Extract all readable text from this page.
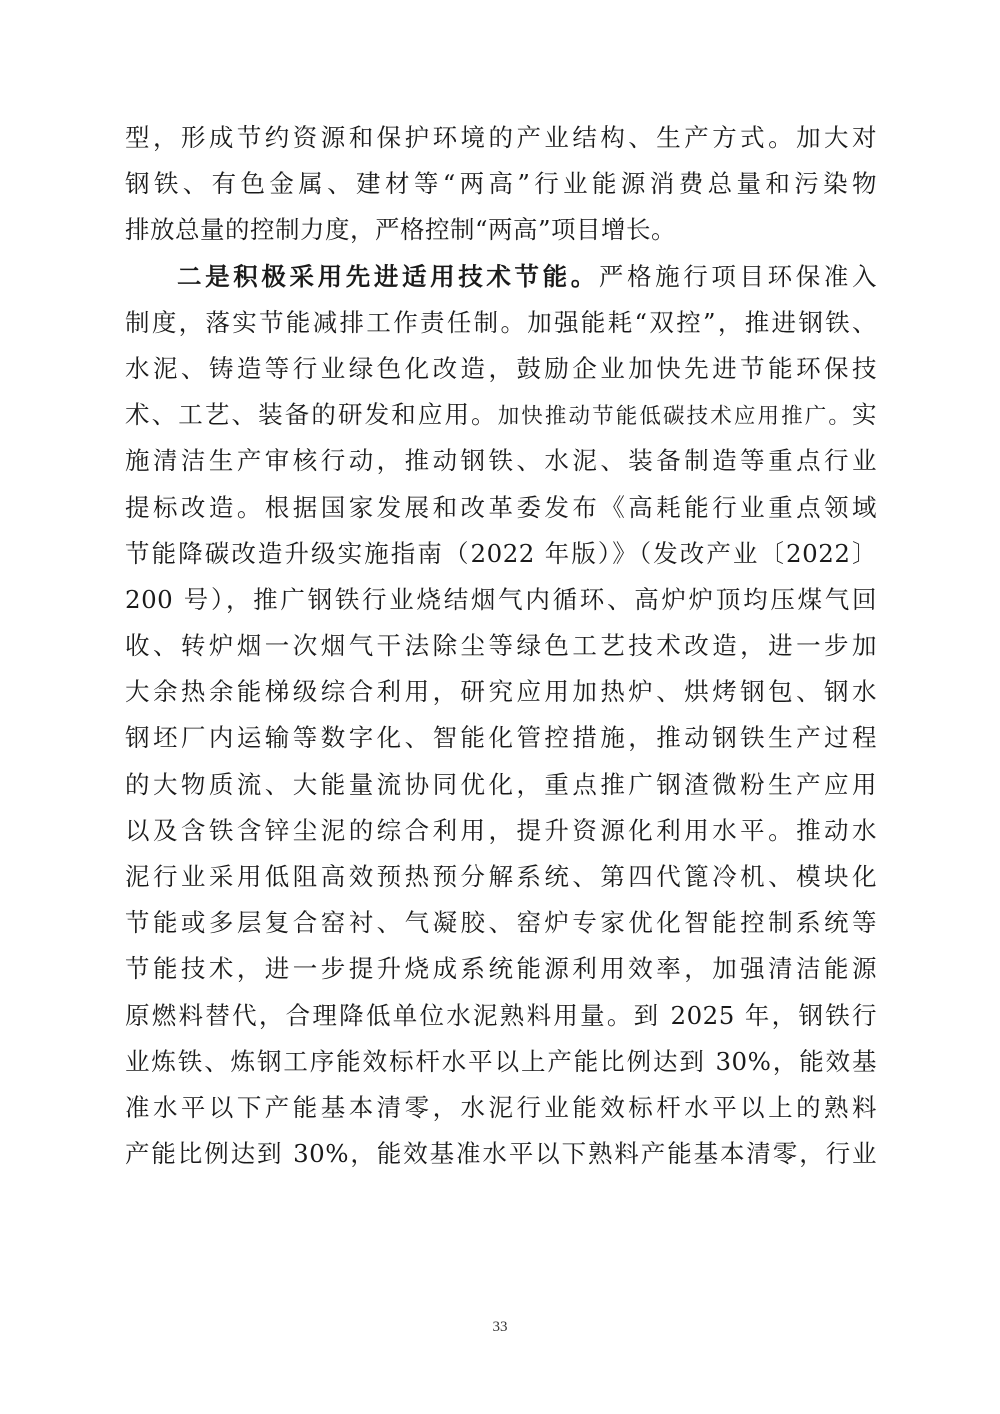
型，形成节约资源和保护环境的产业结构、生产方式。加大对
钢铁、有色金属、建材等“两高”行业能源消费总量和污染物
排放总量的控制力度，严格控制“两高”项目增长。
二是积极采用先进适用技术节能。严格施行项目环保准入
制度，落实节能减排工作责任制。加强能耗“双控”，推进钢铁、
水泥、铸造等行业绿色化改造，鼓励企业加快先进节能环保技
术、工艺、装备的研发和应用。加快推动节能低碳技术应用推广。实
施清洁生产审核行动，推动钢铁、水泥、装备制造等重点行业
提标改造。根据国家发展和改革委发布《高耗能行业重点领域
节能降碳改造升级实施指南（2022 年版）》（发改产业〔2022〕
200 号），推广钢铁行业烧结烟气内循环、高炉炉顶均压煤气回
收、转炉烟一次烟气干法除尘等绿色工艺技术改造，进一步加
大余热余能梯级综合利用，研究应用加热炉、烘烤钢包、钢水
钢坯厂内运输等数字化、智能化管控措施，推动钢铁生产过程
的大物质流、大能量流协同优化，重点推广钢渣微粉生产应用
以及含铁含锌尘泥的综合利用，提升资源化利用水平。推动水
泥行业采用低阻高效预热预分解系统、第四代篦冷机、模块化
节能或多层复合窑衬、气凝胶、窑炉专家优化智能控制系统等
节能技术，进一步提升烧成系统能源利用效率，加强清洁能源
原燃料替代，合理降低单位水泥熟料用量。到 2025 年，钢铁行
业炼铁、炼钢工序能效标杆水平以上产能比例达到 30%，能效基
准水平以下产能基本清零，水泥行业能效标杆水平以上的熟料
产能比例达到 30%，能效基准水平以下熟料产能基本清零，行业
33
